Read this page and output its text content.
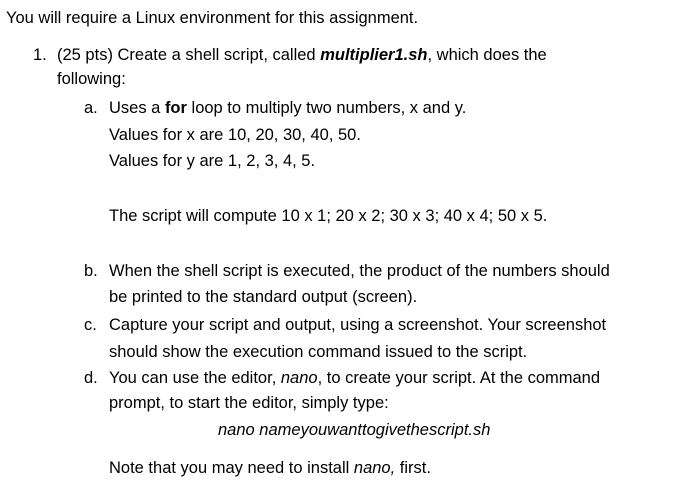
You will require a Linux environment for this assignment.
1. (25 pts) Create a shell script, called multiplier1.sh, which does the
following:
a. Uses a for loop to multiply two numbers, x and y.
Values for x are 10, 20, 30, 40, 50.
Values for y are 1, 2, 3, 4, 5.
The script will compute 10 x 1; 20 x 2; 30 x 3; 40 x 4; 50 x 5.
b. When the shell script is executed, the product of the numbers should
be printed to the standard output (screen).
c. Capture your script and output, using a screenshot. Your screenshot
should show the execution command issued to the script.
d. You can use the editor, nano, to create your script. At the command
prompt, to start the editor, simply type:
nano nameyouwanttogivethescript.sh
Note that you may need to install nano, first.
